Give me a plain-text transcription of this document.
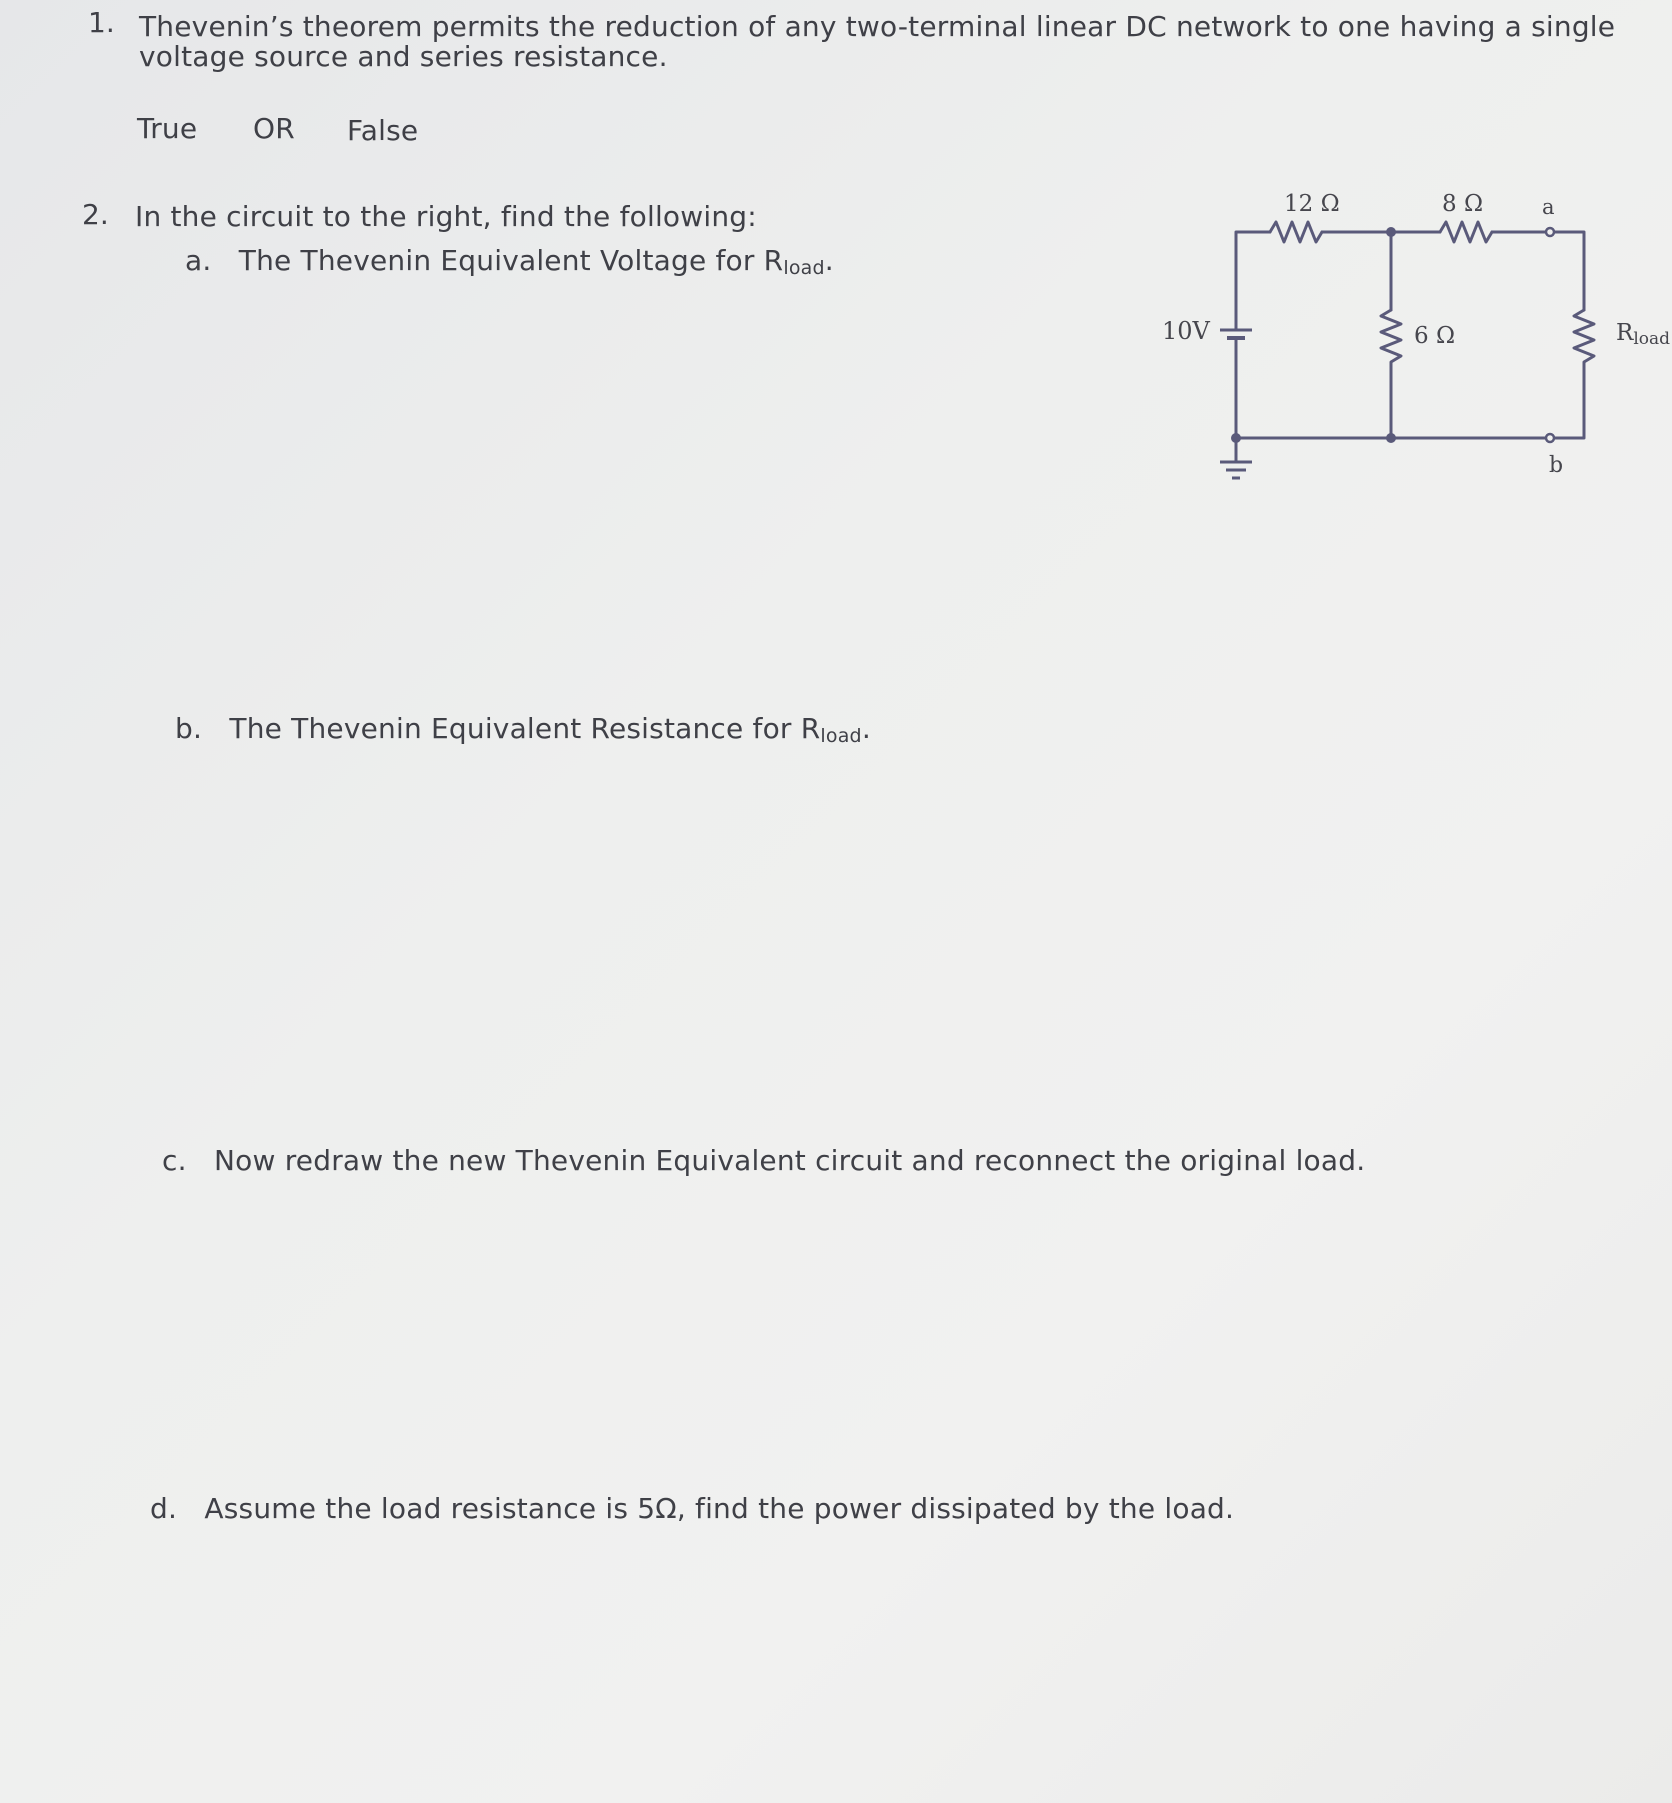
1. Thevenin’s theorem permits the reduction of any two-terminal linear DC network to one having a single
voltage source and series resistance.
True OR False
2. In the circuit to the right, find the following:
a. The Thevenin Equivalent Voltage for $R_{load}$.
b. The Thevenin Equivalent Resistance for $R_{load}$.
c. Now redraw the new Thevenin Equivalent circuit and reconnect the original load.
d. Assume the load resistance is 5Ω, find the power dissipated by the load.
10V
12 Ω	8 Ω
6 Ω
a
b
Rload
